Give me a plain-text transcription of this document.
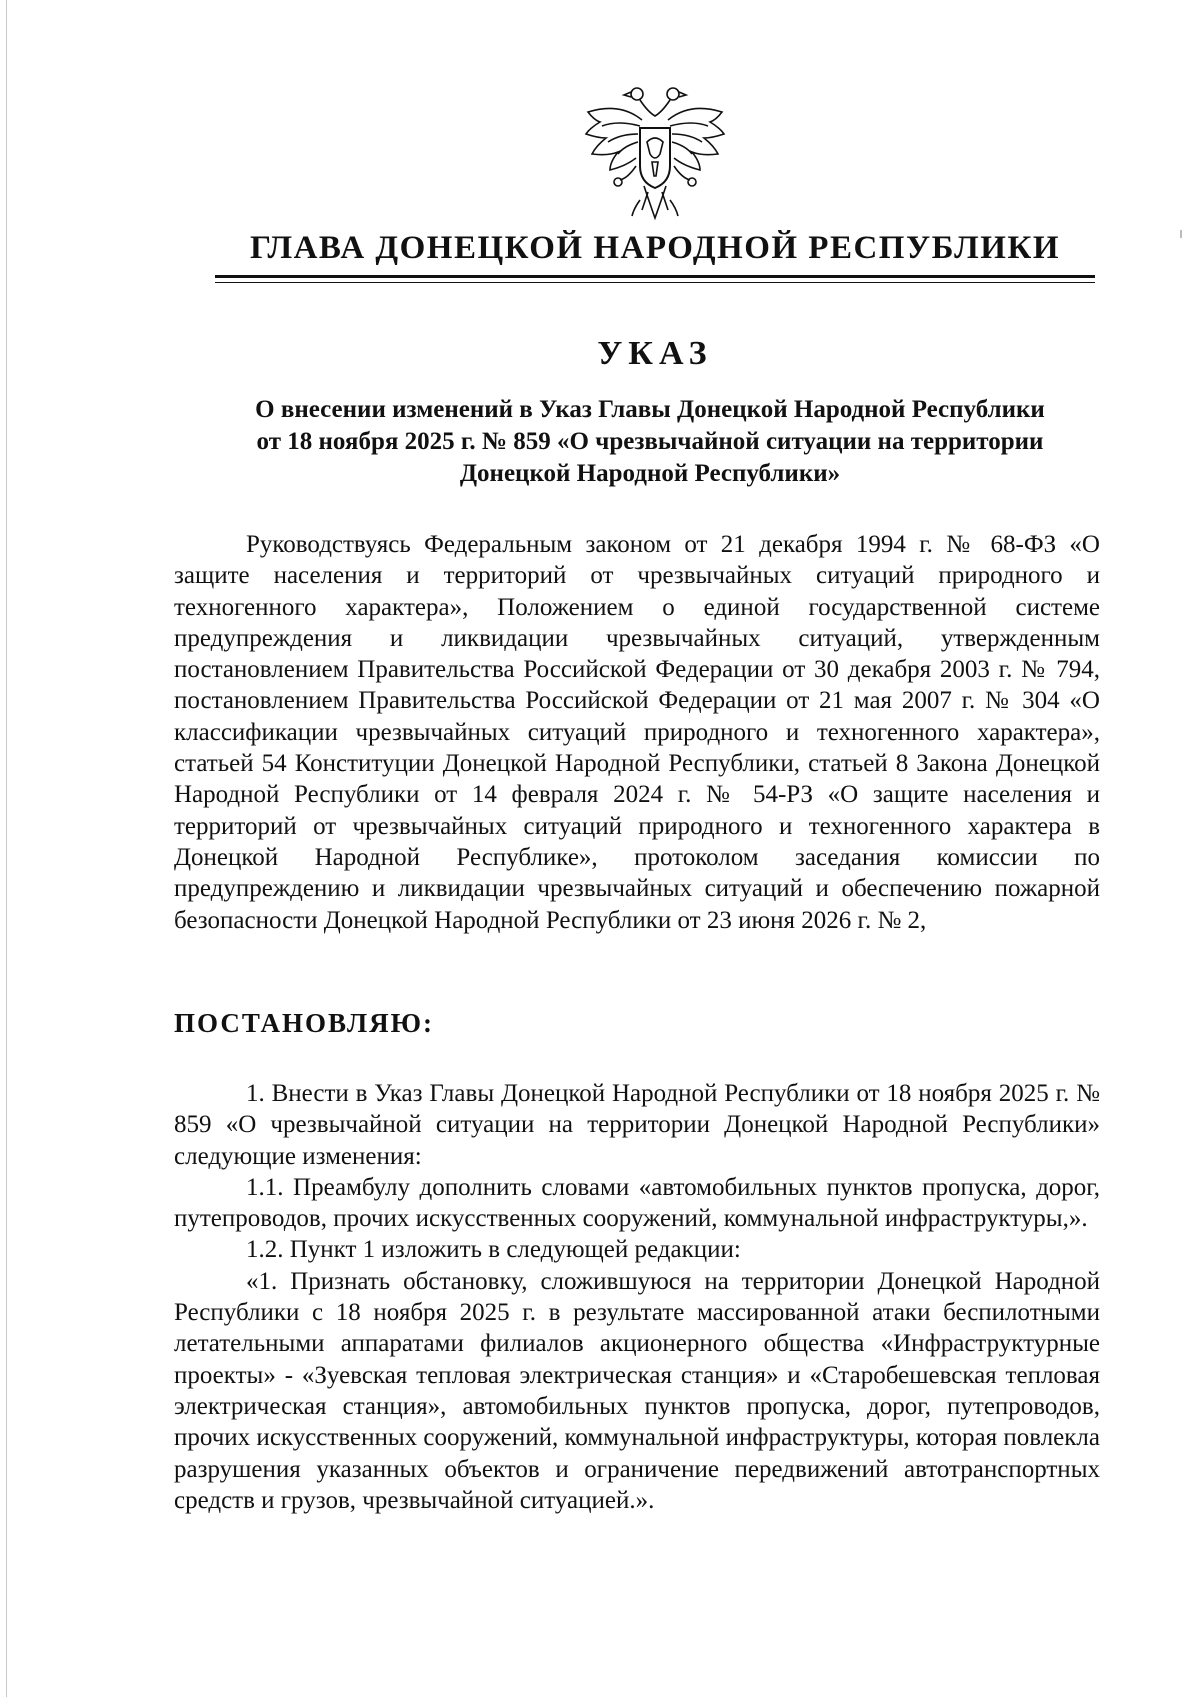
ГЛАВА ДОНЕЦКОЙ НАРОДНОЙ РЕСПУБЛИКИ
УКАЗ
О внесении изменений в Указ Главы Донецкой Народной Республики
от 18 ноября 2025 г. № 859 «О чрезвычайной ситуации на территории
Донецкой Народной Республики»

Руководствуясь Федеральным законом от 21 декабря 1994 г. № 68-ФЗ «О защите населения и территорий от чрезвычайных ситуаций природного и техногенного характера», Положением о единой государственной системе предупреждения и ликвидации чрезвычайных ситуаций, утвержденным постановлением Правительства Российской Федерации от 30 декабря 2003 г. № 794, постановлением Правительства Российской Федерации от 21 мая 2007 г. № 304 «О классификации чрезвычайных ситуаций природного и техногенного характера», статьей 54 Конституции Донецкой Народной Республики, статьей 8 Закона Донецкой Народной Республики от 14 февраля 2024 г. № 54-РЗ «О защите населения и территорий от чрезвычайных ситуаций природного и техногенного характера в Донецкой Народной Республике», протоколом заседания комиссии по предупреждению и ликвидации чрезвычайных ситуаций и обеспечению пожарной безопасности Донецкой Народной Республики от 23 июня 2026 г. № 2,

ПОСТАНОВЛЯЮ:

1. Внести в Указ Главы Донецкой Народной Республики от 18 ноября 2025 г. № 859 «О чрезвычайной ситуации на территории Донецкой Народной Республики» следующие изменения:

1.1. Преамбулу дополнить словами «автомобильных пунктов пропуска, дорог, путепроводов, прочих искусственных сооружений, коммунальной инфраструктуры,».

1.2. Пункт 1 изложить в следующей редакции:

«1. Признать обстановку, сложившуюся на территории Донецкой Народной Республики с 18 ноября 2025 г. в результате массированной атаки беспилотными летательными аппаратами филиалов акционерного общества «Инфраструктурные проекты» - «Зуевская тепловая электрическая станция» и «Старобешевская тепловая электрическая станция», автомобильных пунктов пропуска, дорог, путепроводов, прочих искусственных сооружений, коммунальной инфраструктуры, которая повлекла разрушения указанных объектов и ограничение передвижений автотранспортных средств и грузов, чрезвычайной ситуацией.».
